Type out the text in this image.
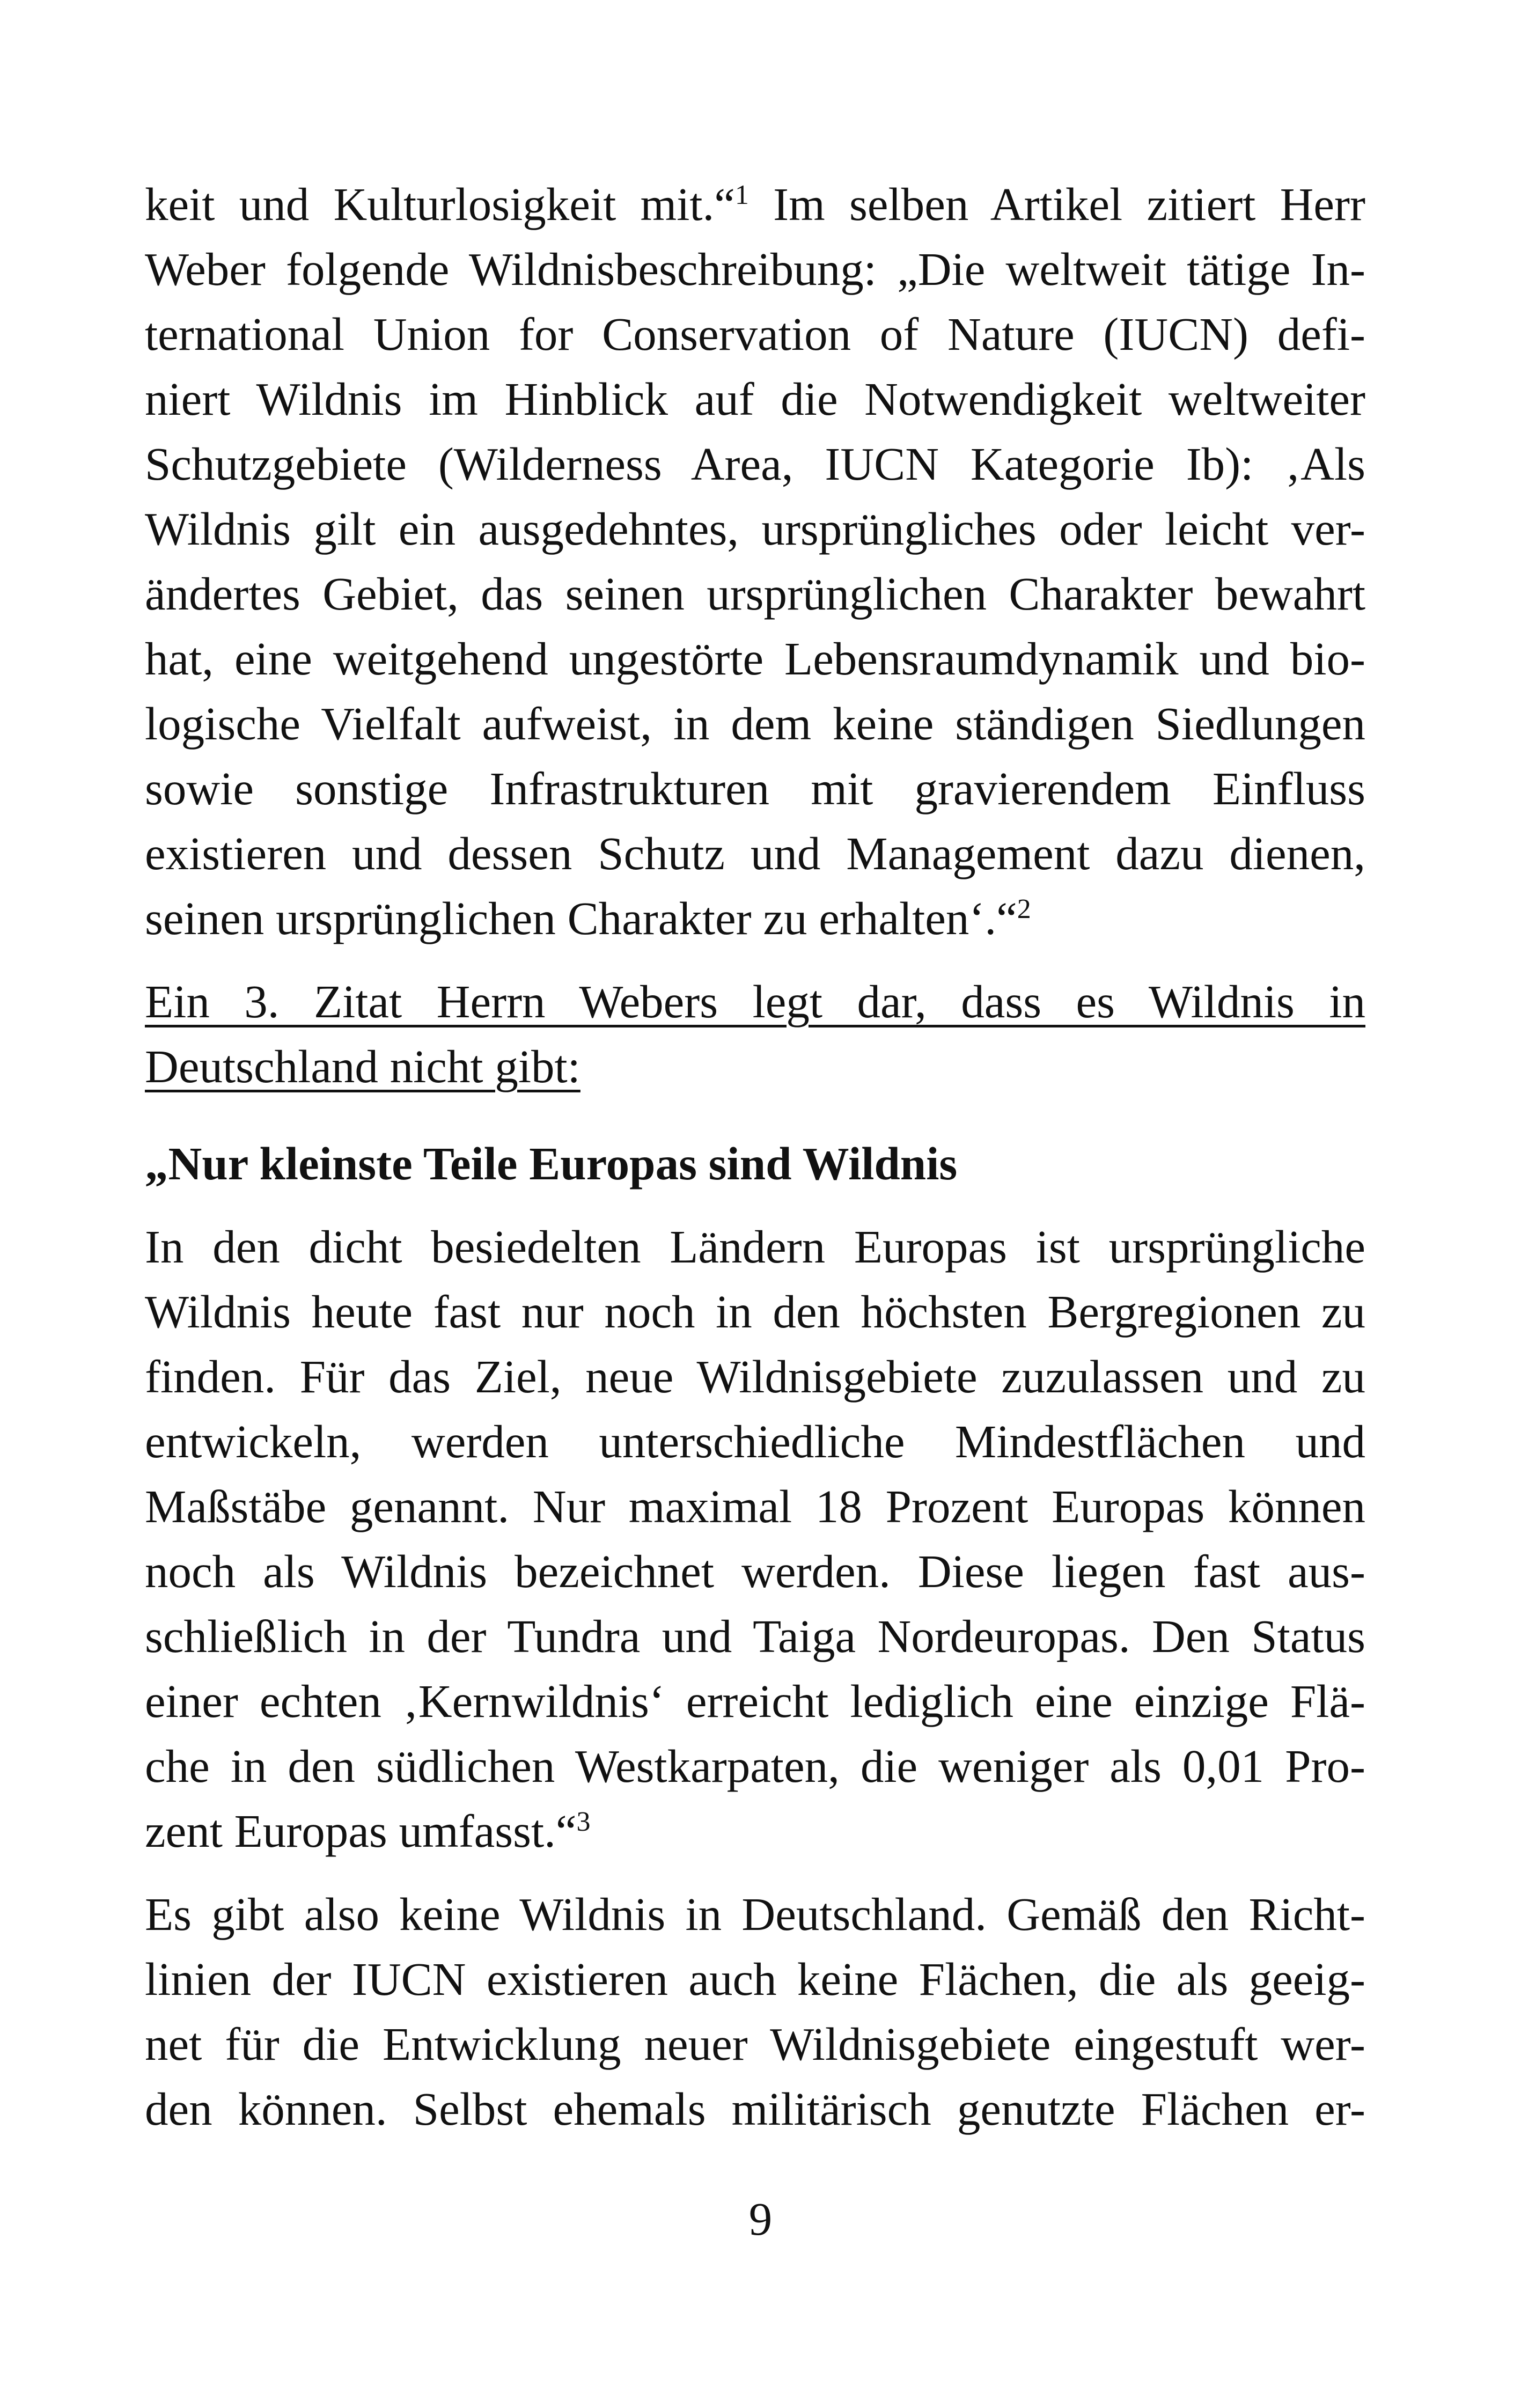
keit und Kulturlosigkeit mit.“$^1$ Im selben Artikel zitiert Herr
Weber folgende Wildnisbeschreibung: „Die weltweit tätige In-
ternational Union for Conservation of Nature (IUCN) defi-
niert Wildnis im Hinblick auf die Notwendigkeit weltweiter
Schutzgebiete (Wilderness Area, IUCN Kategorie Ib): ‚Als
Wildnis gilt ein ausgedehntes, ursprüngliches oder leicht ver-
ändertes Gebiet, das seinen ursprünglichen Charakter bewahrt
hat, eine weitgehend ungestörte Lebensraumdynamik und bio-
logische Vielfalt aufweist, in dem keine ständigen Siedlungen
sowie sonstige Infrastrukturen mit gravierendem Einfluss
existieren und dessen Schutz und Management dazu dienen,
seinen ursprünglichen Charakter zu erhalten‘.“$^2$

Ein 3. Zitat Herrn Webers legt dar, dass es Wildnis in
Deutschland nicht gibt:

„Nur kleinste Teile Europas sind Wildnis

In den dicht besiedelten Ländern Europas ist ursprüngliche
Wildnis heute fast nur noch in den höchsten Bergregionen zu
finden. Für das Ziel, neue Wildnisgebiete zuzulassen und zu
entwickeln, werden unterschiedliche Mindestflächen und
Maßstäbe genannt. Nur maximal 18 Prozent Europas können
noch als Wildnis bezeichnet werden. Diese liegen fast aus-
schließlich in der Tundra und Taiga Nordeuropas. Den Status
einer echten ‚Kernwildnis‘ erreicht lediglich eine einzige Flä-
che in den südlichen Westkarpaten, die weniger als 0,01 Pro-
zent Europas umfasst.“$^3$

Es gibt also keine Wildnis in Deutschland. Gemäß den Richt-
linien der IUCN existieren auch keine Flächen, die als geeig-
net für die Entwicklung neuer Wildnisgebiete eingestuft wer-
den können. Selbst ehemals militärisch genutzte Flächen er-

9
